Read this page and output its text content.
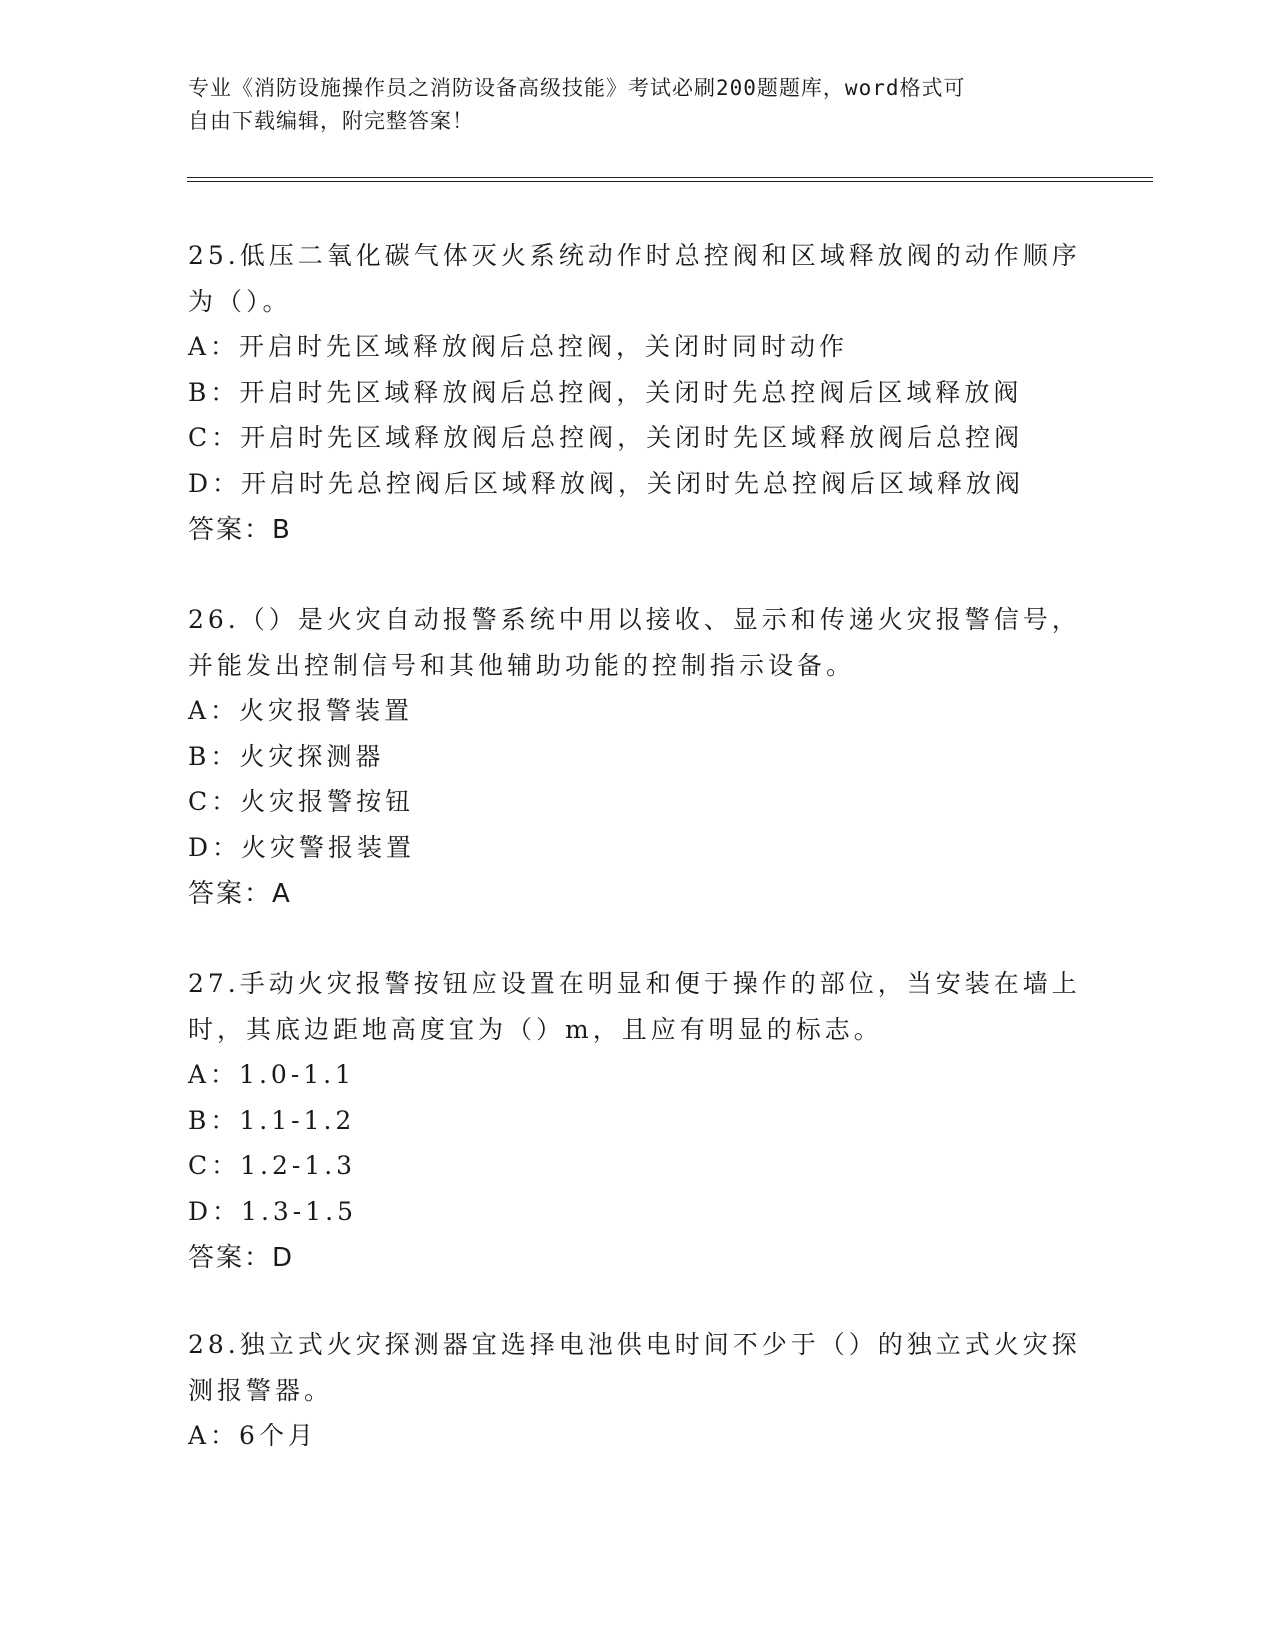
专业《消防设施操作员之消防设备高级技能》考试必刷200题题库，word格式可
自由下载编辑，附完整答案！
25.低压二氧化碳气体灭火系统动作时总控阀和区域释放阀的动作顺序
为（）。
A：开启时先区域释放阀后总控阀，关闭时同时动作
B：开启时先区域释放阀后总控阀，关闭时先总控阀后区域释放阀
C：开启时先区域释放阀后总控阀，关闭时先区域释放阀后总控阀
D：开启时先总控阀后区域释放阀，关闭时先总控阀后区域释放阀
答案：B
26.（）是火灾自动报警系统中用以接收、显示和传递火灾报警信号，
并能发出控制信号和其他辅助功能的控制指示设备。
A：火灾报警装置
B：火灾探测器
C：火灾报警按钮
D：火灾警报装置
答案：A
27.手动火灾报警按钮应设置在明显和便于操作的部位，当安装在墙上
时，其底边距地高度宜为（）m，且应有明显的标志。
A：1.0-1.1
B：1.1-1.2
C：1.2-1.3
D：1.3-1.5
答案：D
28.独立式火灾探测器宜选择电池供电时间不少于（）的独立式火灾探
测报警器。
A：6个月
